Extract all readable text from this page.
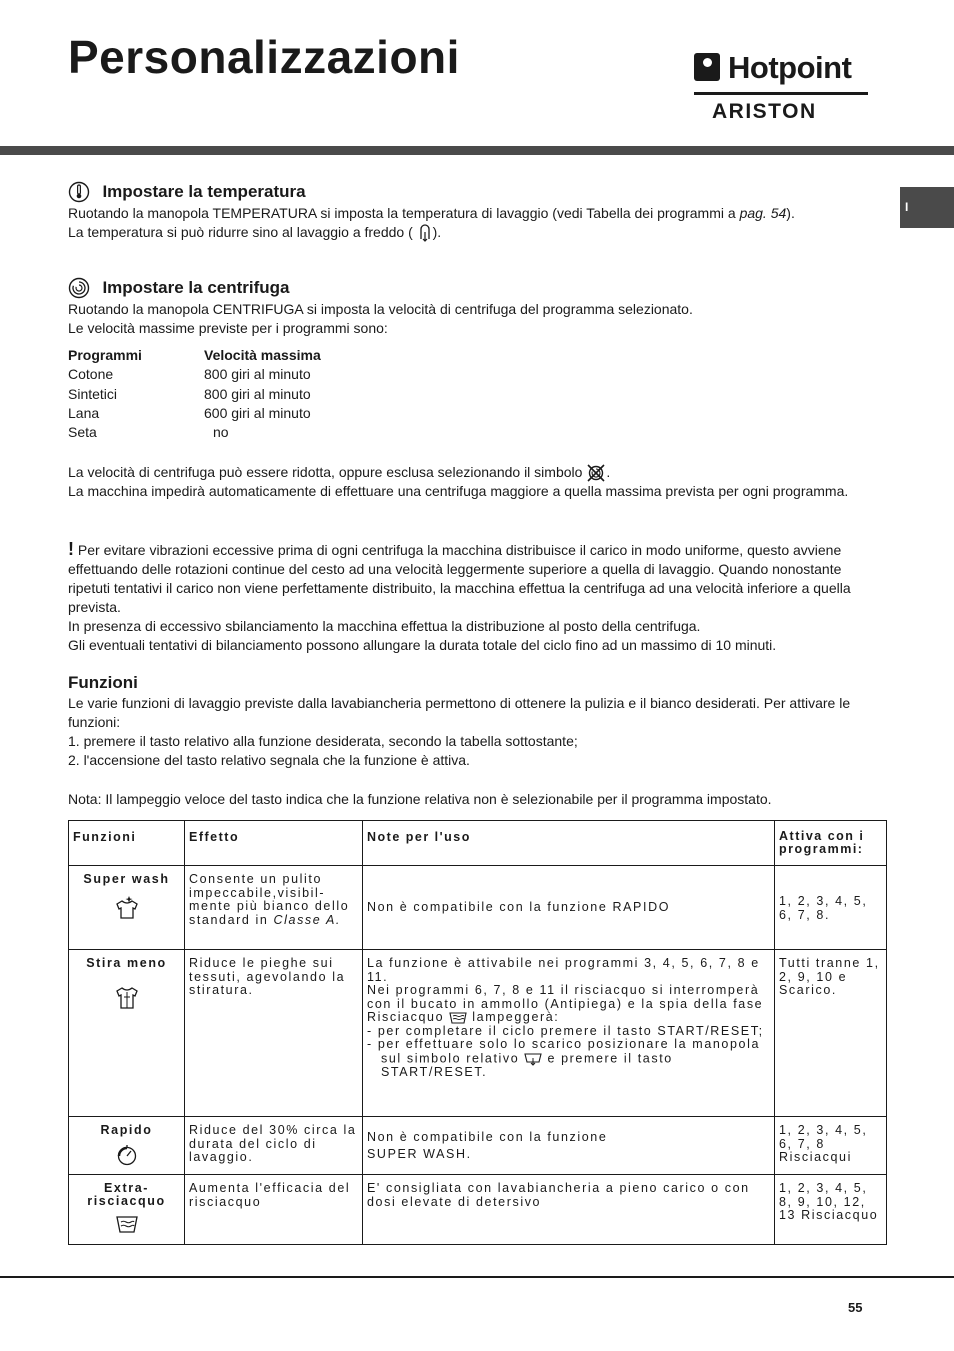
Personalizzazioni	Hotpoint
ARISTON
I
Impostare la temperatura
Ruotando la manopola TEMPERATURA si imposta la temperatura di lavaggio (vedi Tabella dei programmi a pag. 54).
La temperatura si può ridurre sino al lavaggio a freddo ( ).
Impostare la centrifuga
Ruotando la manopola CENTRIFUGA si imposta la velocità di centrifuga del programma selezionato.
Le velocità massime previste per i programmi sono:
Programmi	Velocità massima
Cotone	800 giri al minuto
Sintetici	800 giri al minuto
Lana	600 giri al minuto
Seta	no
La velocità di centrifuga può essere ridotta, oppure esclusa selezionando il simbolo .
La macchina impedirà automaticamente di effettuare una centrifuga maggiore a quella massima prevista per ogni programma.
! Per evitare vibrazioni eccessive prima di ogni centrifuga la macchina distribuisce il carico in modo uniforme, questo avviene effettuando delle rotazioni continue del cesto ad una velocità leggermente superiore a quella di lavaggio. Quando nonostante ripetuti tentativi il carico non viene perfettamente distribuito, la macchina effettua la centrifuga ad una velocità inferiore a quella prevista.
In presenza di eccessivo sbilanciamento la macchina effettua la distribuzione al posto della centrifuga.
Gli eventuali tentativi di bilanciamento possono allungare la durata totale del ciclo fino ad un massimo di 10 minuti.
Funzioni
Le varie funzioni di lavaggio previste dalla lavabiancheria permettono di ottenere la pulizia e il bianco desiderati. Per attivare le funzioni:
1. premere il tasto relativo alla funzione desiderata, secondo la tabella sottostante;
2. l'accensione del tasto relativo segnala che la funzione è attiva.
Nota: Il lampeggio veloce del tasto indica che la funzione relativa non è selezionabile per il programma impostato.
Funzioni	Effetto	Note per l'uso	Attiva con i programmi:
Super wash	Consente un pulito impeccabile,visibil-mente più bianco dello standard in Classe A.	Non è compatibile con la funzione RAPIDO	1, 2, 3, 4, 5, 6, 7, 8.
Stira meno	Riduce le pieghe sui tessuti, agevolando la stiratura.	La funzione è attivabile nei programmi 3, 4, 5, 6, 7, 8 e 11.
Nei programmi 6, 7, 8 e 11 il risciacquo si interromperà con il bucato in ammollo (Antipiega) e la spia della fase Risciacquo lampeggerà:
- per completare il ciclo premere il tasto START/RESET;
- per effettuare solo lo scarico posizionare la manopola sul simbolo relativo e premere il tasto START/RESET.	Tutti tranne 1, 2, 9, 10 e Scarico.
Rapido	Riduce del 30% circa la durata del ciclo di lavaggio.	Non è compatibile con la funzione
SUPER WASH.	1, 2, 3, 4, 5, 6, 7, 8 Risciacqui
Extra-risciacquo	Aumenta l'efficacia del risciacquo	E' consigliata con lavabiancheria a pieno carico o con dosi elevate di detersivo	1, 2, 3, 4, 5, 8, 9, 10, 12, 13 Risciacquo
55
